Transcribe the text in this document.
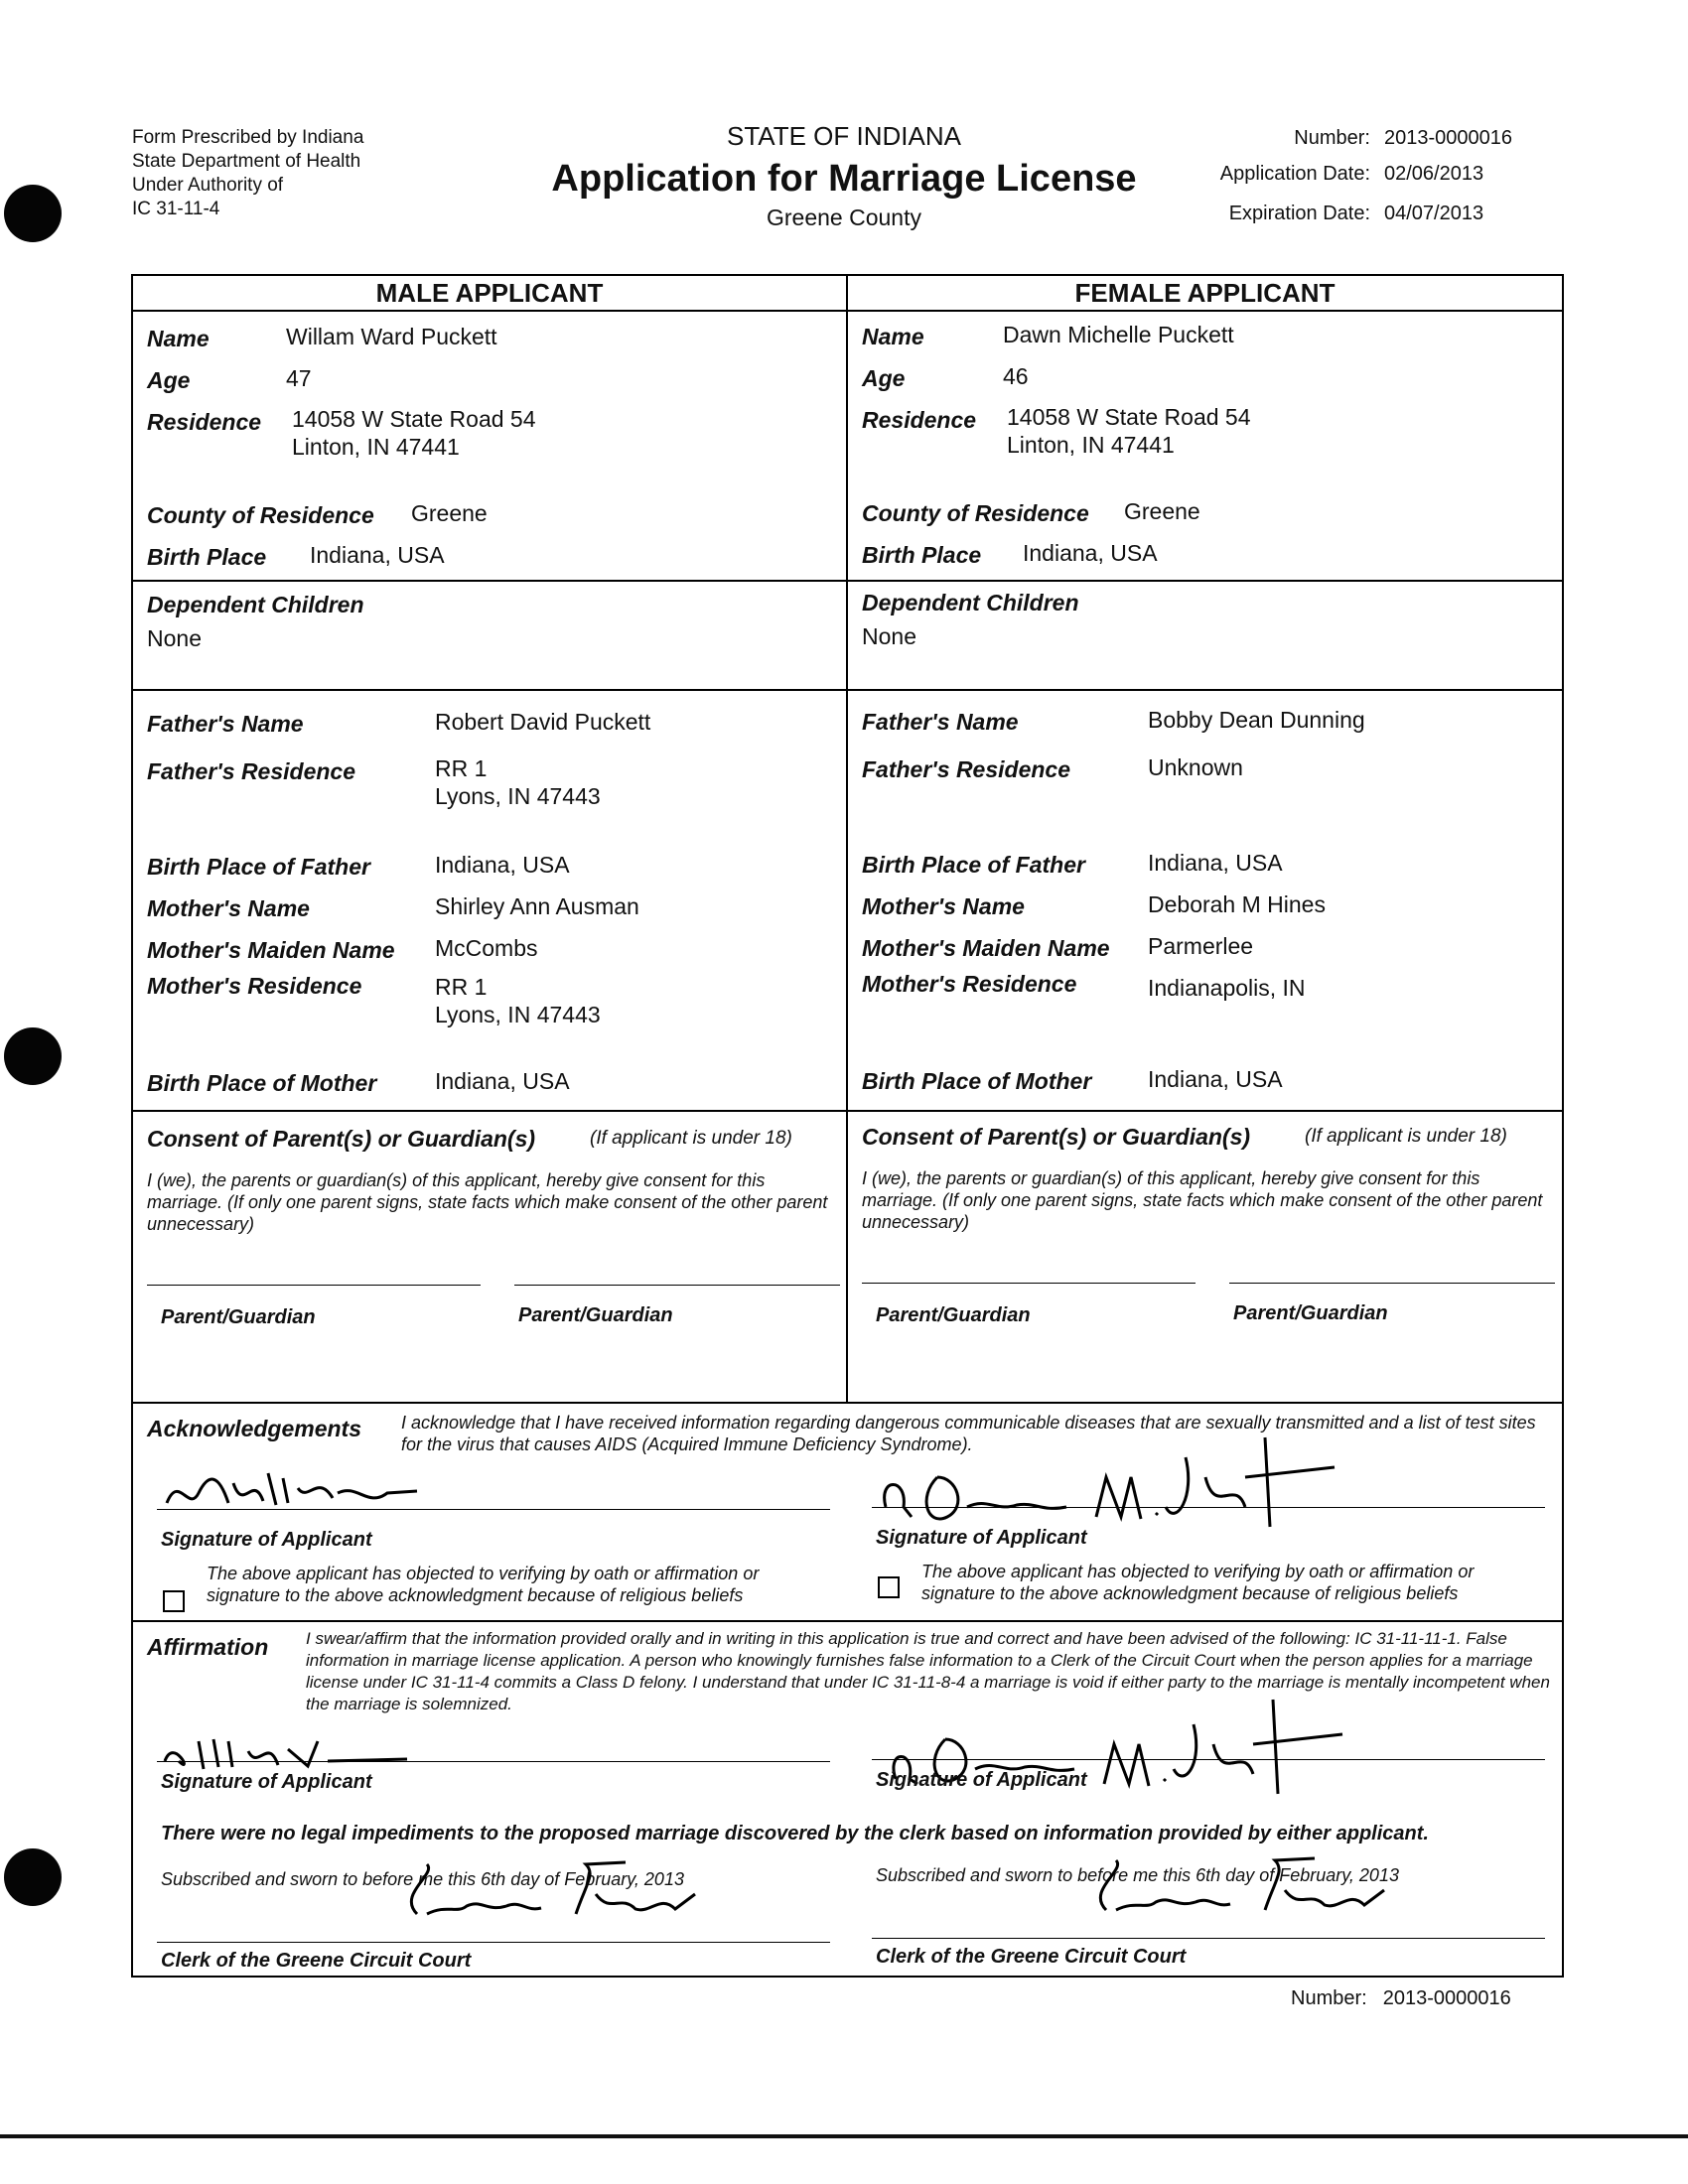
Form Prescribed by Indiana
State Department of Health
Under Authority of
IC 31-11-4
STATE OF INDIANA
Application for Marriage License
Greene County
Number: 2013-0000016
Application Date: 02/06/2013
Expiration Date: 04/07/2013
MALE APPLICANT	FEMALE APPLICANT
Name	Willam Ward Puckett
Age	47
Residence 14058 W State Road 54
Linton, IN 47441
County of Residence Greene
Birth Place Indiana, USA
Dependent Children
None
Father's Name	Robert David Puckett
Father's Residence	RR 1
Lyons, IN 47443
Birth Place of Father	Indiana, USA
Mother's Name	Shirley Ann Ausman
Mother's Maiden Name McCombs
Mother's Residence	RR 1
Lyons, IN 47443
Birth Place of Mother	Indiana, USA
Consent of Parent(s) or Guardian(s)	(If applicant is under 18)
I (we), the parents or guardian(s) of this applicant, hereby give consent for this marriage. (If only one parent signs, state facts which make consent of the other parent unnecessary)
Parent/Guardian	Parent/Guardian
Name	Dawn Michelle Puckett
Age	46
Residence 14058 W State Road 54
Linton, IN 47441
County of Residence Greene
Birth Place Indiana, USA
Dependent Children
None
Father's Name	Bobby Dean Dunning
Father's Residence	Unknown
Birth Place of Father	Indiana, USA
Mother's Name	Deborah M Hines
Mother's Maiden Name Parmerlee
Mother's Residence	Indianapolis, IN
Birth Place of Mother Indiana, USA
Consent of Parent(s) or Guardian(s)	(If applicant is under 18)
I (we), the parents or guardian(s) of this applicant, hereby give consent for this marriage. (If only one parent signs, state facts which make consent of the other parent unnecessary)
Parent/Guardian	Parent/Guardian
Acknowledgements I acknowledge that I have received information regarding dangerous communicable diseases that are sexually transmitted and a list of test sites for the virus that causes AIDS (Acquired Immune Deficiency Syndrome).
Signature of Applicant	Signature of Applicant
The above applicant has objected to verifying by oath or affirmation or signature to the above acknowledgment because of religious beliefs
The above applicant has objected to verifying by oath or affirmation or signature to the above acknowledgment because of religious beliefs
Affirmation I swear/affirm that the information provided orally and in writing in this application is true and correct and have been advised of the following: IC 31-11-11-1. False information in marriage license application. A person who knowingly furnishes false information to a Clerk of the Circuit Court when the person applies for a marriage license under IC 31-11-4 commits a Class D felony. I understand that under IC 31-11-8-4 a marriage is void if either party to the marriage is mentally incompetent when the marriage is solemnized.
Signature of Applicant	Signature of Applicant
There were no legal impediments to the proposed marriage discovered by the clerk based on information provided by either applicant.
Subscribed and sworn to before me this 6th day of February, 2013	Subscribed and sworn to before me this 6th day of February, 2013
Clerk of the Greene Circuit Court	Clerk of the Greene Circuit Court
Number: 2013-0000016
